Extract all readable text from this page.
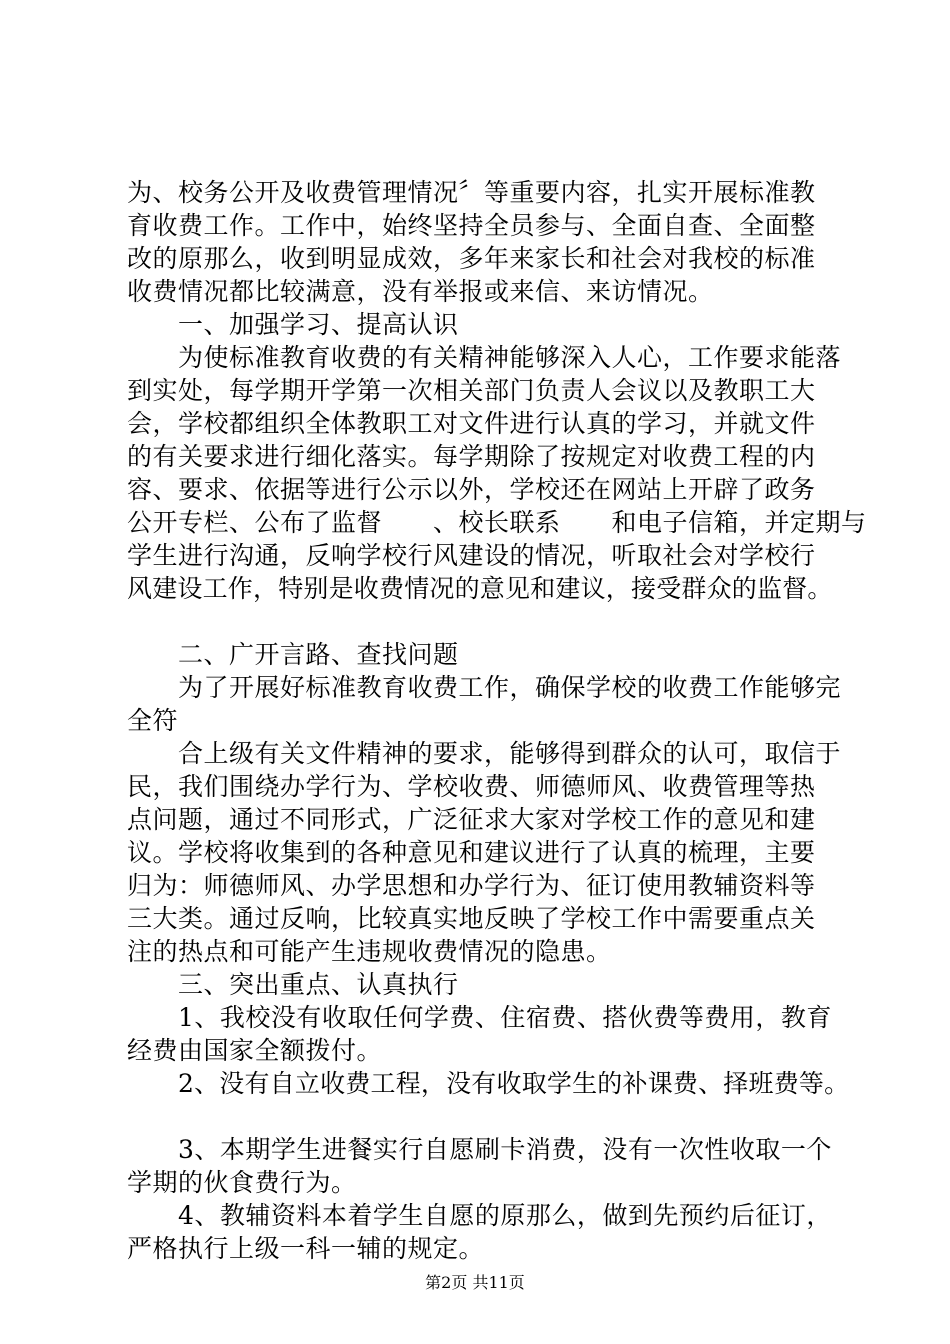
为、校务公开及收费管理情况〞等重要内容，扎实开展标准教
育收费工作。工作中，始终坚持全员参与、全面自查、全面整
改的原那么，收到明显成效，多年来家长和社会对我校的标准
收费情况都比较满意，没有举报或来信、来访情况。
一、加强学习、提高认识
为使标准教育收费的有关精神能够深入人心，工作要求能落
到实处，每学期开学第一次相关部门负责人会议以及教职工大
会，学校都组织全体教职工对文件进行认真的学习，并就文件
的有关要求进行细化落实。每学期除了按规定对收费工程的内
容、要求、依据等进行公示以外，学校还在网站上开辟了政务
公开专栏、公布了监督　　、校长联系　　和电子信箱，并定期与
学生进行沟通，反响学校行风建设的情况，听取社会对学校行
风建设工作，特别是收费情况的意见和建议，接受群众的监督。
二、广开言路、查找问题
为了开展好标准教育收费工作，确保学校的收费工作能够完
全符
合上级有关文件精神的要求，能够得到群众的认可，取信于
民，我们围绕办学行为、学校收费、师德师风、收费管理等热
点问题，通过不同形式，广泛征求大家对学校工作的意见和建
议。学校将收集到的各种意见和建议进行了认真的梳理，主要
归为：师德师风、办学思想和办学行为、征订使用教辅资料等
三大类。通过反响，比较真实地反映了学校工作中需要重点关
注的热点和可能产生违规收费情况的隐患。
三、突出重点、认真执行
1、我校没有收取任何学费、住宿费、搭伙费等费用，教育
经费由国家全额拨付。
2、没有自立收费工程，没有收取学生的补课费、择班费等。
3、本期学生进餐实行自愿刷卡消费，没有一次性收取一个
学期的伙食费行为。
4、教辅资料本着学生自愿的原那么，做到先预约后征订，
严格执行上级一科一辅的规定。
第2页 共11页
